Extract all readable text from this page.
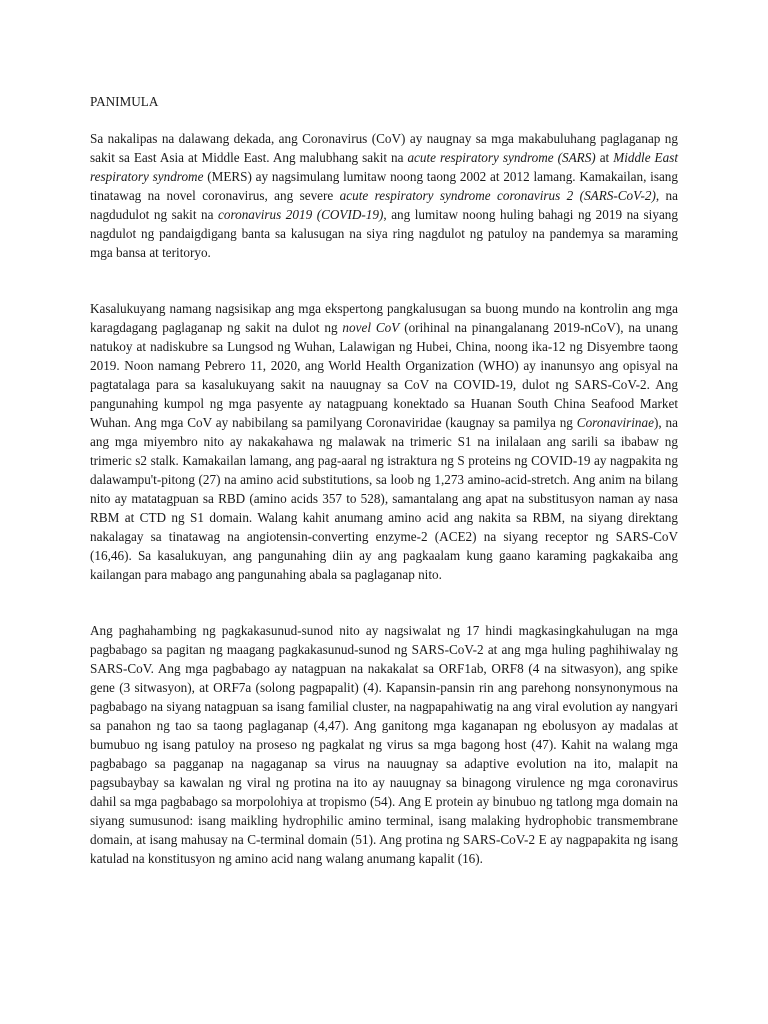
PANIMULA

Sa nakalipas na dalawang dekada, ang Coronavirus (CoV) ay naugnay sa mga makabuluhang paglaganap ng sakit sa East Asia at Middle East. Ang malubhang sakit na acute respiratory syndrome (SARS) at Middle East respiratory syndrome (MERS) ay nagsimulang lumitaw noong taong 2002 at 2012 lamang. Kamakailan, isang tinatawag na novel coronavirus, ang severe acute respiratory syndrome coronavirus 2 (SARS-CoV-2), na nagdudulot ng sakit na coronavirus 2019 (COVID-19), ang lumitaw noong huling bahagi ng 2019 na siyang nagdulot ng pandaigdigang banta sa kalusugan na siya ring nagdulot ng patuloy na pandemya sa maraming mga bansa at teritoryo.

Kasalukuyang namang nagsisikap ang mga ekspertong pangkalusugan sa buong mundo na kontrolin ang mga karagdagang paglaganap ng sakit na dulot ng novel CoV (orihinal na pinangalanang 2019-nCoV), na unang natukoy at nadiskubre sa Lungsod ng Wuhan, Lalawigan ng Hubei, China, noong ika-12 ng Disyembre taong 2019. Noon namang Pebrero 11, 2020, ang World Health Organization (WHO) ay inanunsyo ang opisyal na pagtatalaga para sa kasalukuyang sakit na nauugnay sa CoV na COVID-19, dulot ng SARS-CoV-2. Ang pangunahing kumpol ng mga pasyente ay natagpuang konektado sa Huanan South China Seafood Market Wuhan. Ang mga CoV ay nabibilang sa pamilyang Coronaviridae (kaugnay sa pamilya ng Coronavirinae), na ang mga miyembro nito ay nakakahawa ng malawak na trimeric S1 na inilalaan ang sarili sa ibabaw ng trimeric s2 stalk. Kamakailan lamang, ang pag-aaral ng istraktura ng S proteins ng COVID-19 ay nagpakita ng dalawampu't-pitong (27) na amino acid substitutions, sa loob ng 1,273 amino-acid-stretch. Ang anim na bilang nito ay matatagpuan sa RBD (amino acids 357 to 528), samantalang ang apat na substitusyon naman ay nasa RBM at CTD ng S1 domain. Walang kahit anumang amino acid ang nakita sa RBM, na siyang direktang nakalagay sa tinatawag na angiotensin-converting enzyme-2 (ACE2) na siyang receptor ng SARS-CoV (16,46). Sa kasalukuyan, ang pangunahing diin ay ang pagkaalam kung gaano karaming pagkakaiba ang kailangan para mabago ang pangunahing abala sa paglaganap nito.

Ang paghahambing ng pagkakasunud-sunod nito ay nagsiwalat ng 17 hindi magkasingkahulugan na mga pagbabago sa pagitan ng maagang pagkakasunud-sunod ng SARS-CoV-2 at ang mga huling paghihiwalay ng SARS-CoV. Ang mga pagbabago ay natagpuan na nakakalat sa ORF1ab, ORF8 (4 na sitwasyon), ang spike gene (3 sitwasyon), at ORF7a (solong pagpapalit) (4). Kapansin-pansin rin ang parehong nonsynonymous na pagbabago na siyang natagpuan sa isang familial cluster, na nagpapahiwatig na ang viral evolution ay nangyari sa panahon ng tao sa taong paglaganap (4,47). Ang ganitong mga kaganapan ng ebolusyon ay madalas at bumubuo ng isang patuloy na proseso ng pagkalat ng virus sa mga bagong host (47). Kahit na walang mga pagbabago sa pagganap na nagaganap sa virus na nauugnay sa adaptive evolution na ito, malapit na pagsubaybay sa kawalan ng viral ng protina na ito ay nauugnay sa binagong virulence ng mga coronavirus dahil sa mga pagbabago sa morpolohiya at tropismo (54). Ang E protein ay binubuo ng tatlong mga domain na siyang sumusunod: isang maikling hydrophilic amino terminal, isang malaking hydrophobic transmembrane domain, at isang mahusay na C-terminal domain (51). Ang protina ng SARS-CoV-2 E ay nagpapakita ng isang katulad na konstitusyon ng amino acid nang walang anumang kapalit (16).
